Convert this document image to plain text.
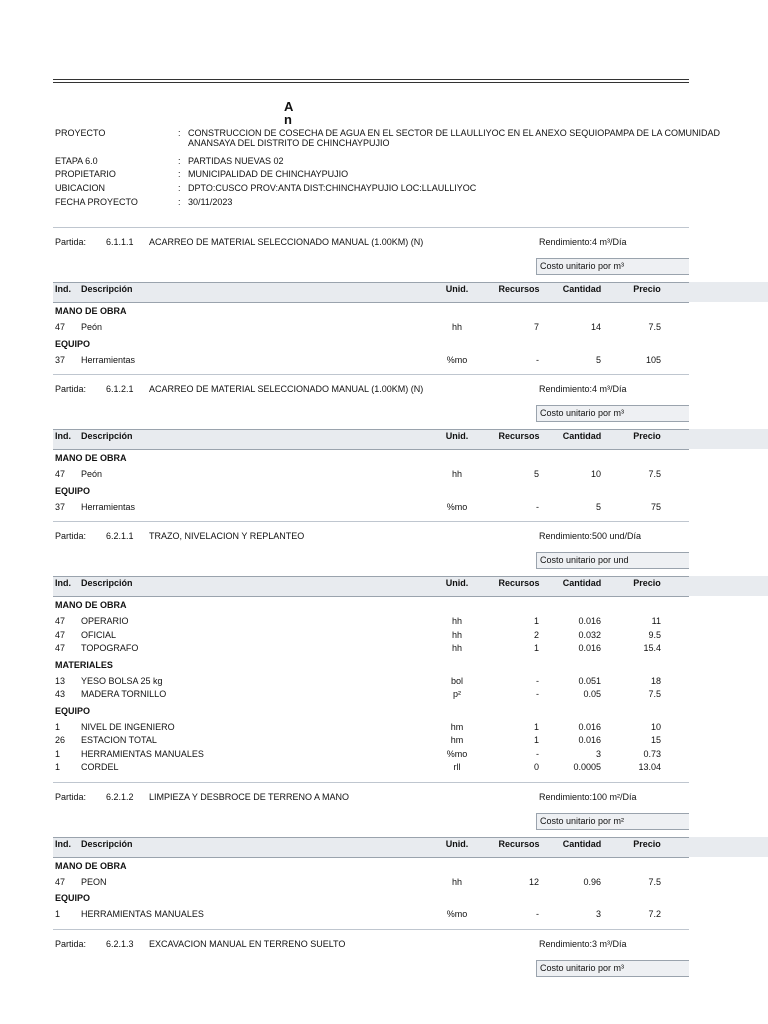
A
n
PROYECTO	: CONSTRUCCION DE COSECHA DE AGUA EN EL SECTOR DE LLAULLIYOC EN EL ANEXO SEQUIOPAMPA DE LA COMUNIDAD
ANANSAYA DEL DISTRITO DE CHINCHAYPUJIO
ETAPA 6.0	: PARTIDAS NUEVAS 02
PROPIETARIO	: MUNICIPALIDAD DE CHINCHAYPUJIO
UBICACION	: DPTO:CUSCO PROV:ANTA DIST:CHINCHAYPUJIO LOC:LLAULLIYOC
FECHA PROYECTO	: 30/11/2023
Partida: 6.1.1.1 ACARREO DE MATERIAL SELECCIONADO MANUAL (1.00KM) (N)	Rendimiento:4 m³/Día
Costo unitario por m³
Ind. Descripción	Unid.	Recursos	Cantidad	Precio
MANO DE OBRA
47 Peón	hh	7	14	7.5
EQUIPO
37 Herramientas	%mo	-	5	105
Partida: 6.1.2.1 ACARREO DE MATERIAL SELECCIONADO MANUAL (1.00KM) (N)	Rendimiento:4 m³/Día
Costo unitario por m³
Ind. Descripción	Unid.	Recursos	Cantidad	Precio
MANO DE OBRA
47 Peón	hh	5	10	7.5
EQUIPO
37 Herramientas	%mo	-	5	75
Partida: 6.2.1.1 TRAZO, NIVELACION Y REPLANTEO	Rendimiento:500 und/Día
Costo unitario por und
Ind. Descripción	Unid.	Recursos	Cantidad	Precio
MANO DE OBRA
47 OPERARIO	hh	1	0.016	11
47 OFICIAL	hh	2	0.032	9.5
47 TOPOGRAFO	hh	1	0.016	15.4
MATERIALES
13 YESO BOLSA 25 kg	bol	-	0.051	18
43 MADERA TORNILLO	p²	-	0.05	7.5
EQUIPO
1 NIVEL DE INGENIERO	hm	1	0.016	10
26 ESTACION TOTAL	hm	1	0.016	15
1 HERRAMIENTAS MANUALES	%mo	-	3	0.73
1 CORDEL	rll	0	0.0005	13.04
Partida: 6.2.1.2 LIMPIEZA Y DESBROCE DE TERRENO A MANO	Rendimiento:100 m²/Día
Costo unitario por m²
Ind. Descripción	Unid.	Recursos	Cantidad	Precio
MANO DE OBRA
47 PEON	hh	12	0.96	7.5
EQUIPO
1 HERRAMIENTAS MANUALES	%mo	-	3	7.2
Partida: 6.2.1.3 EXCAVACION MANUAL EN TERRENO SUELTO	Rendimiento:3 m³/Día
Costo unitario por m³
